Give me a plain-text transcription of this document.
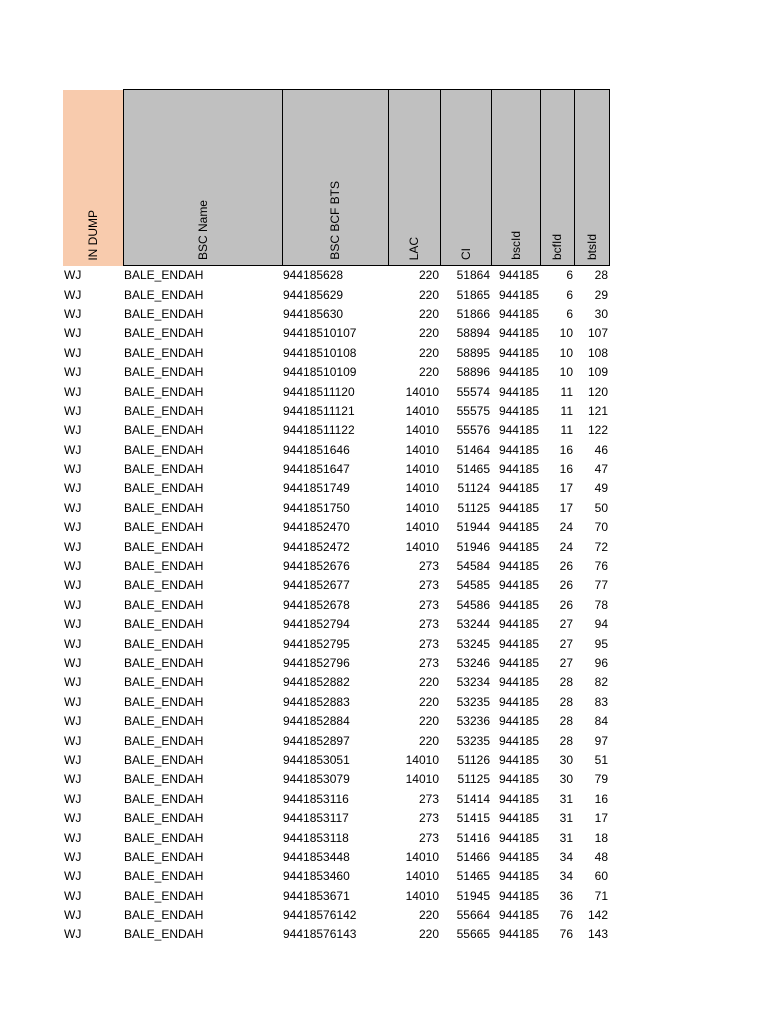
IN DUMP	BSC Name	BSC BCF BTS	LAC	CI	bscId	bcfId	btsId

WJ	BALE_ENDAH	944185628	220	51864	944185	6	28
WJ	BALE_ENDAH	944185629	220	51865	944185	6	29
WJ	BALE_ENDAH	944185630	220	51866	944185	6	30
WJ	BALE_ENDAH	94418510107	220	58894	944185	10	107
WJ	BALE_ENDAH	94418510108	220	58895	944185	10	108
WJ	BALE_ENDAH	94418510109	220	58896	944185	10	109
WJ	BALE_ENDAH	94418511120	14010	55574	944185	11	120
WJ	BALE_ENDAH	94418511121	14010	55575	944185	11	121
WJ	BALE_ENDAH	94418511122	14010	55576	944185	11	122
WJ	BALE_ENDAH	9441851646	14010	51464	944185	16	46
WJ	BALE_ENDAH	9441851647	14010	51465	944185	16	47
WJ	BALE_ENDAH	9441851749	14010	51124	944185	17	49
WJ	BALE_ENDAH	9441851750	14010	51125	944185	17	50
WJ	BALE_ENDAH	9441852470	14010	51944	944185	24	70
WJ	BALE_ENDAH	9441852472	14010	51946	944185	24	72
WJ	BALE_ENDAH	9441852676	273	54584	944185	26	76
WJ	BALE_ENDAH	9441852677	273	54585	944185	26	77
WJ	BALE_ENDAH	9441852678	273	54586	944185	26	78
WJ	BALE_ENDAH	9441852794	273	53244	944185	27	94
WJ	BALE_ENDAH	9441852795	273	53245	944185	27	95
WJ	BALE_ENDAH	9441852796	273	53246	944185	27	96
WJ	BALE_ENDAH	9441852882	220	53234	944185	28	82
WJ	BALE_ENDAH	9441852883	220	53235	944185	28	83
WJ	BALE_ENDAH	9441852884	220	53236	944185	28	84
WJ	BALE_ENDAH	9441852897	220	53235	944185	28	97
WJ	BALE_ENDAH	9441853051	14010	51126	944185	30	51
WJ	BALE_ENDAH	9441853079	14010	51125	944185	30	79
WJ	BALE_ENDAH	9441853116	273	51414	944185	31	16
WJ	BALE_ENDAH	9441853117	273	51415	944185	31	17
WJ	BALE_ENDAH	9441853118	273	51416	944185	31	18
WJ	BALE_ENDAH	9441853448	14010	51466	944185	34	48
WJ	BALE_ENDAH	9441853460	14010	51465	944185	34	60
WJ	BALE_ENDAH	9441853671	14010	51945	944185	36	71
WJ	BALE_ENDAH	94418576142	220	55664	944185	76	142
WJ	BALE_ENDAH	94418576143	220	55665	944185	76	143
